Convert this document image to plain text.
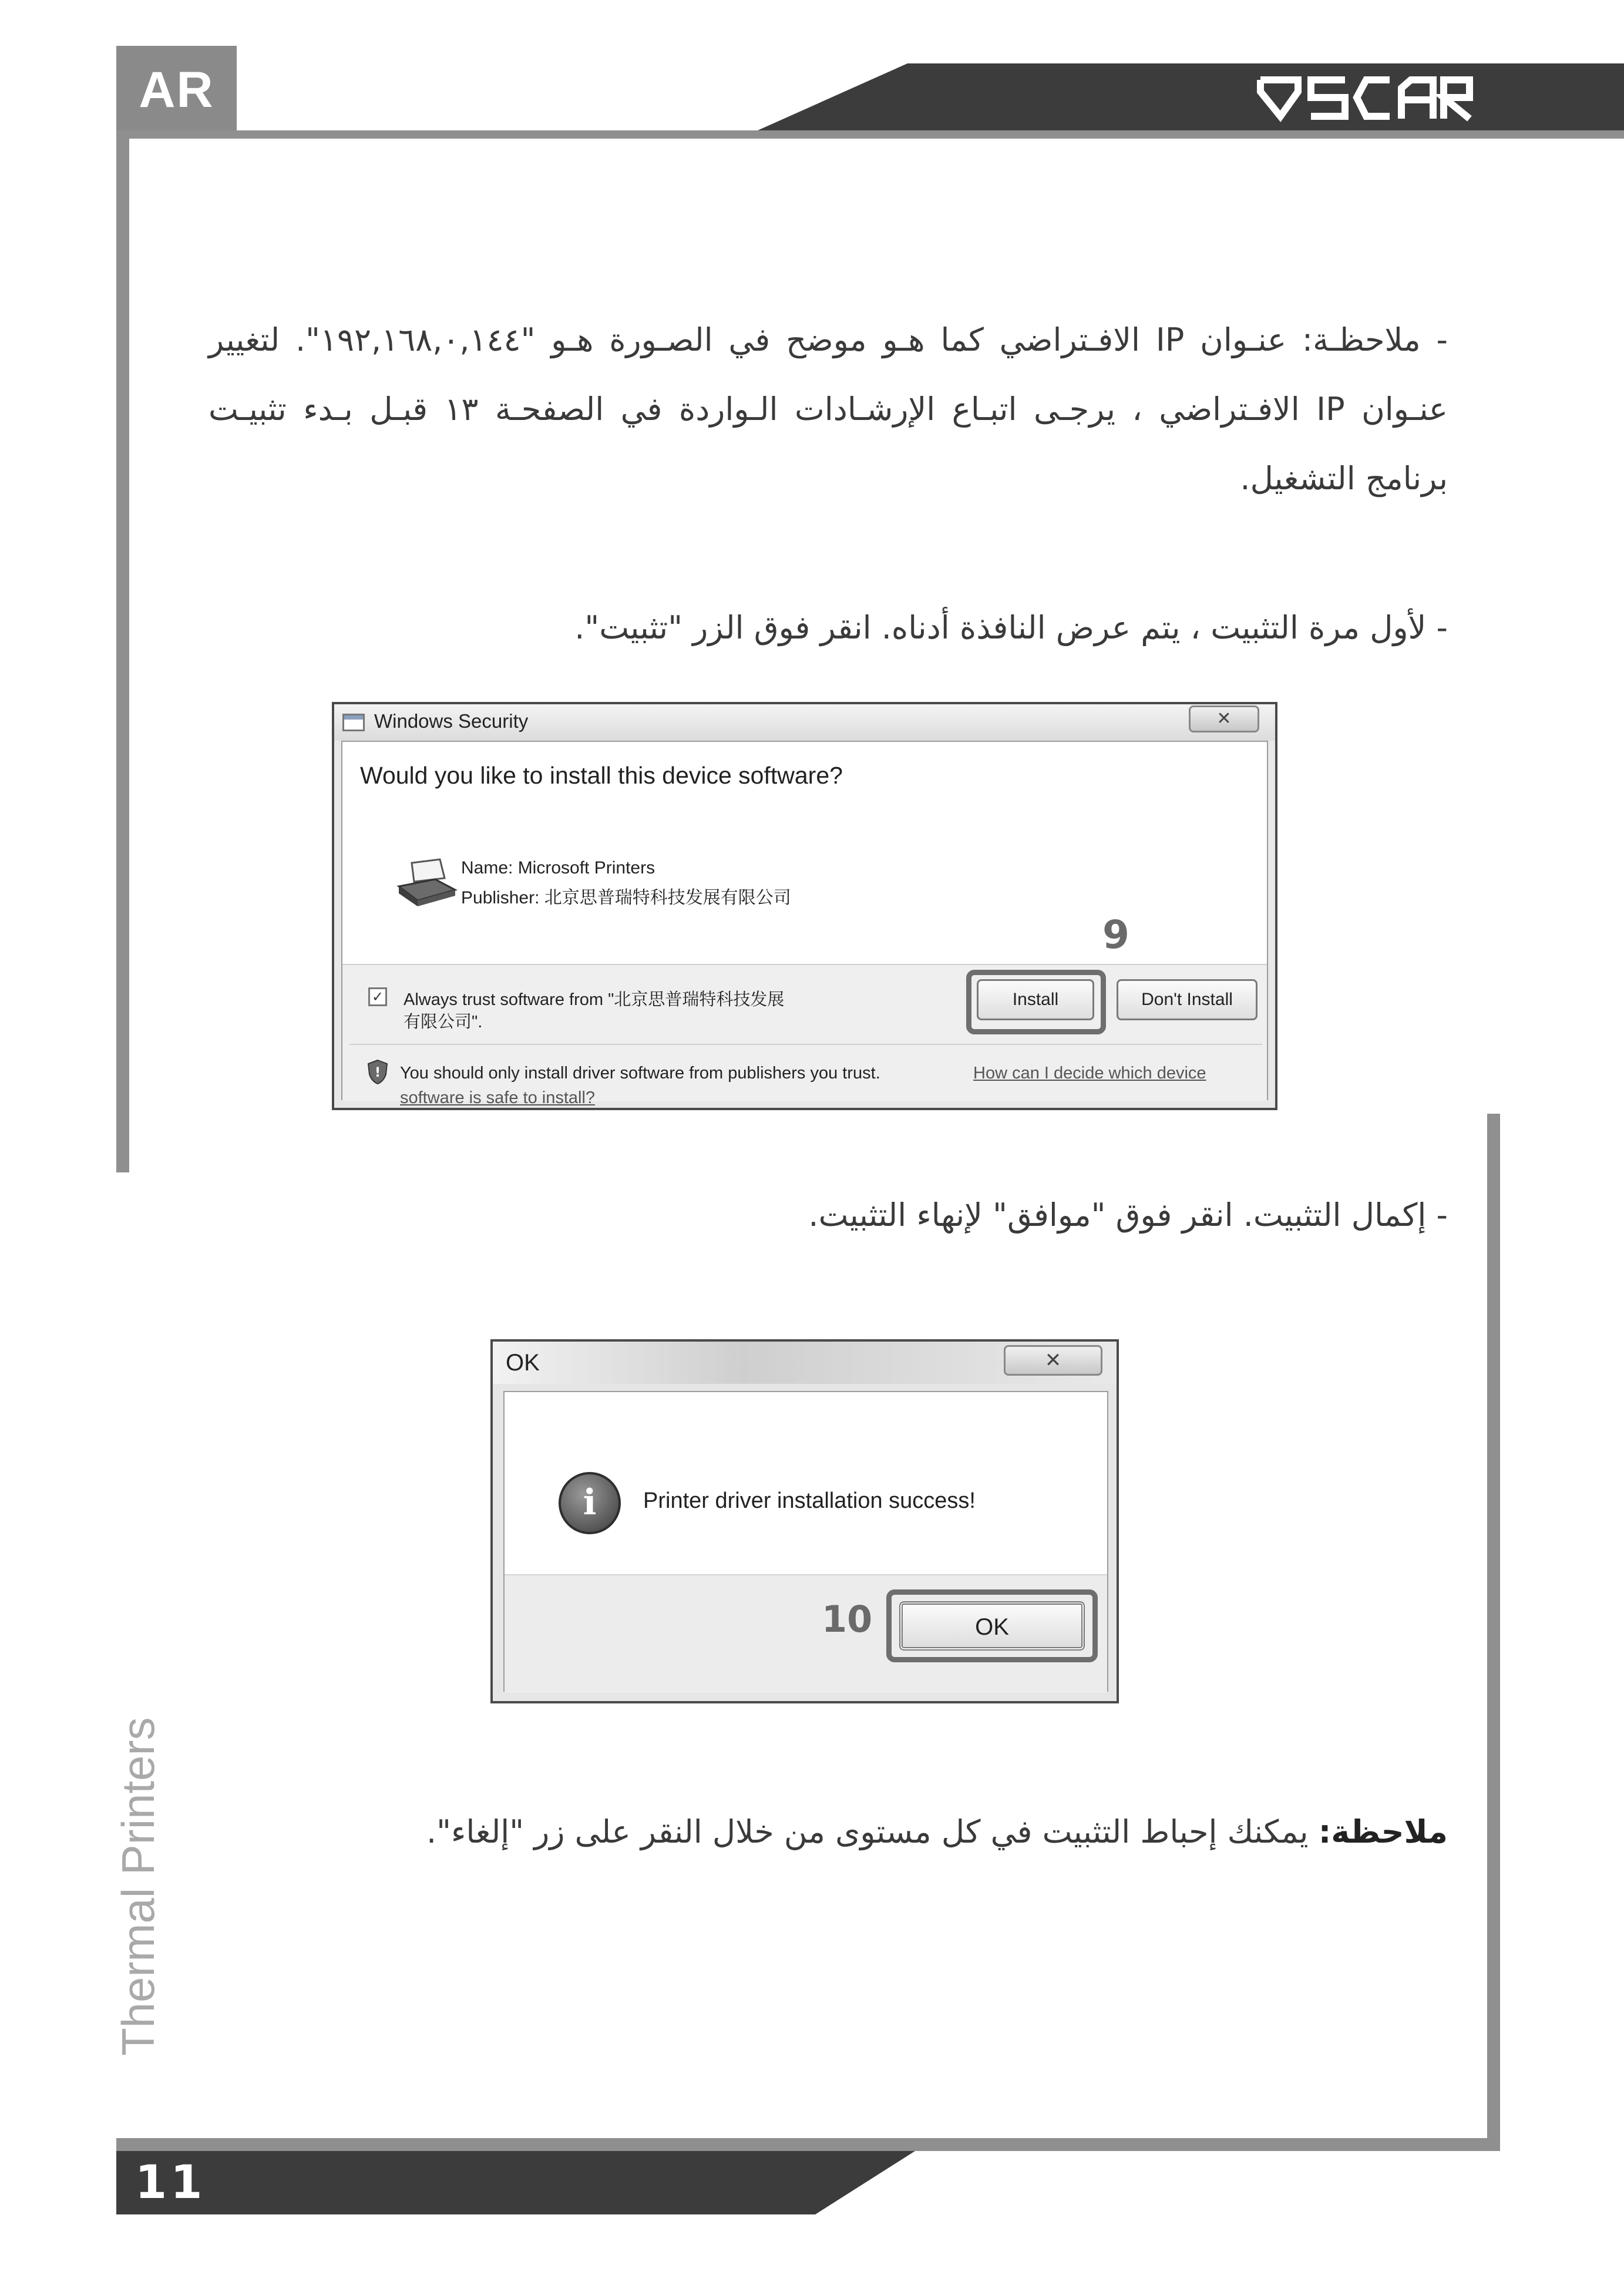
AR	OSCAR
11
Thermal Printers
- ملاحظـة: عنـوان IP الافـتراضي كما هـو موضح في الصـورة هـو "١٩٢,١٦٨,٠,١٤٤". لتغيير عنـوان IP الافـتراضي ، يرجـى اتبـاع الإرشـادات الـواردة في الصفحـة ١٣ قبـل بـدء تثبيـت برنامج التشغيل.
- لأول مرة التثبيت ، يتم عرض النافذة أدناه. انقر فوق الزر "تثبيت".
Windows Security	✕
Would you like to install this device software?
Name: Microsoft Printers
Publisher: 北京思普瑞特科技发展有限公司
9
✓ Always trust software from "北京思普瑞特科技发展
有限公司".
Install	Don't Install
! You should only install driver software from publishers you trust.	How can I decide which device
software is safe to install?
- إكمال التثبيت. انقر فوق "موافق" لإنهاء التثبيت.
OK	✕
i	Printer driver installation success!
10	OK
ملاحظة: يمكنك إحباط التثبيت في كل مستوى من خلال النقر على زر "إلغاء".
